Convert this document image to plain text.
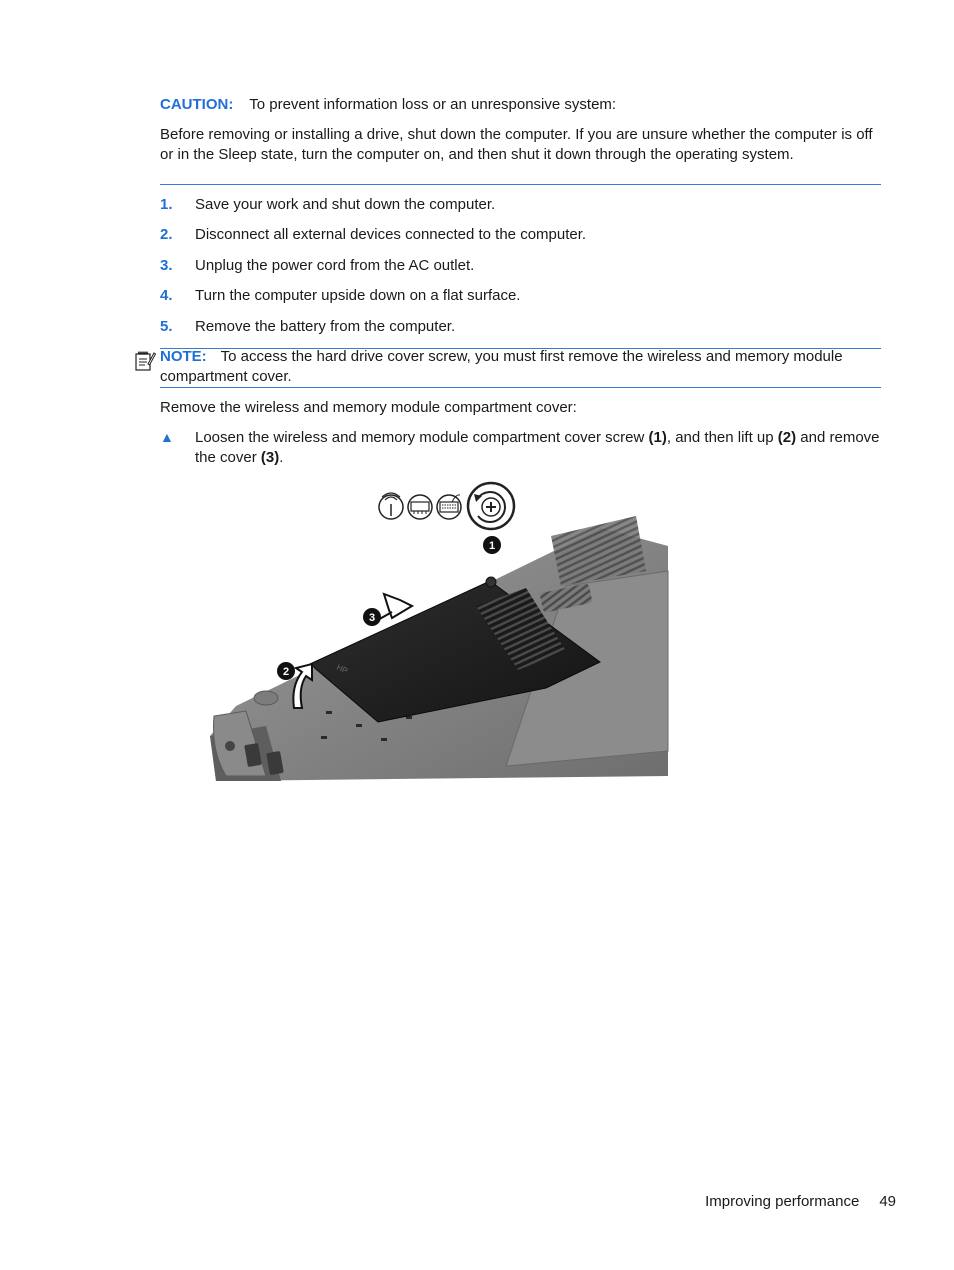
CAUTION: To prevent information loss or an unresponsive system:
Before removing or installing a drive, shut down the computer. If you are unsure whether the computer is off or in the Sleep state, turn the computer on, and then shut it down through the operating system.
1. Save your work and shut down the computer.
2. Disconnect all external devices connected to the computer.
3. Unplug the power cord from the AC outlet.
4. Turn the computer upside down on a flat surface.
5. Remove the battery from the computer.
NOTE: To access the hard drive cover screw, you must first remove the wireless and memory module compartment cover.
Remove the wireless and memory module compartment cover:
▲ Loosen the wireless and memory module compartment cover screw (1), and then lift up (2) and remove the cover (3).
HP
1
2
3
Improving performance 49
